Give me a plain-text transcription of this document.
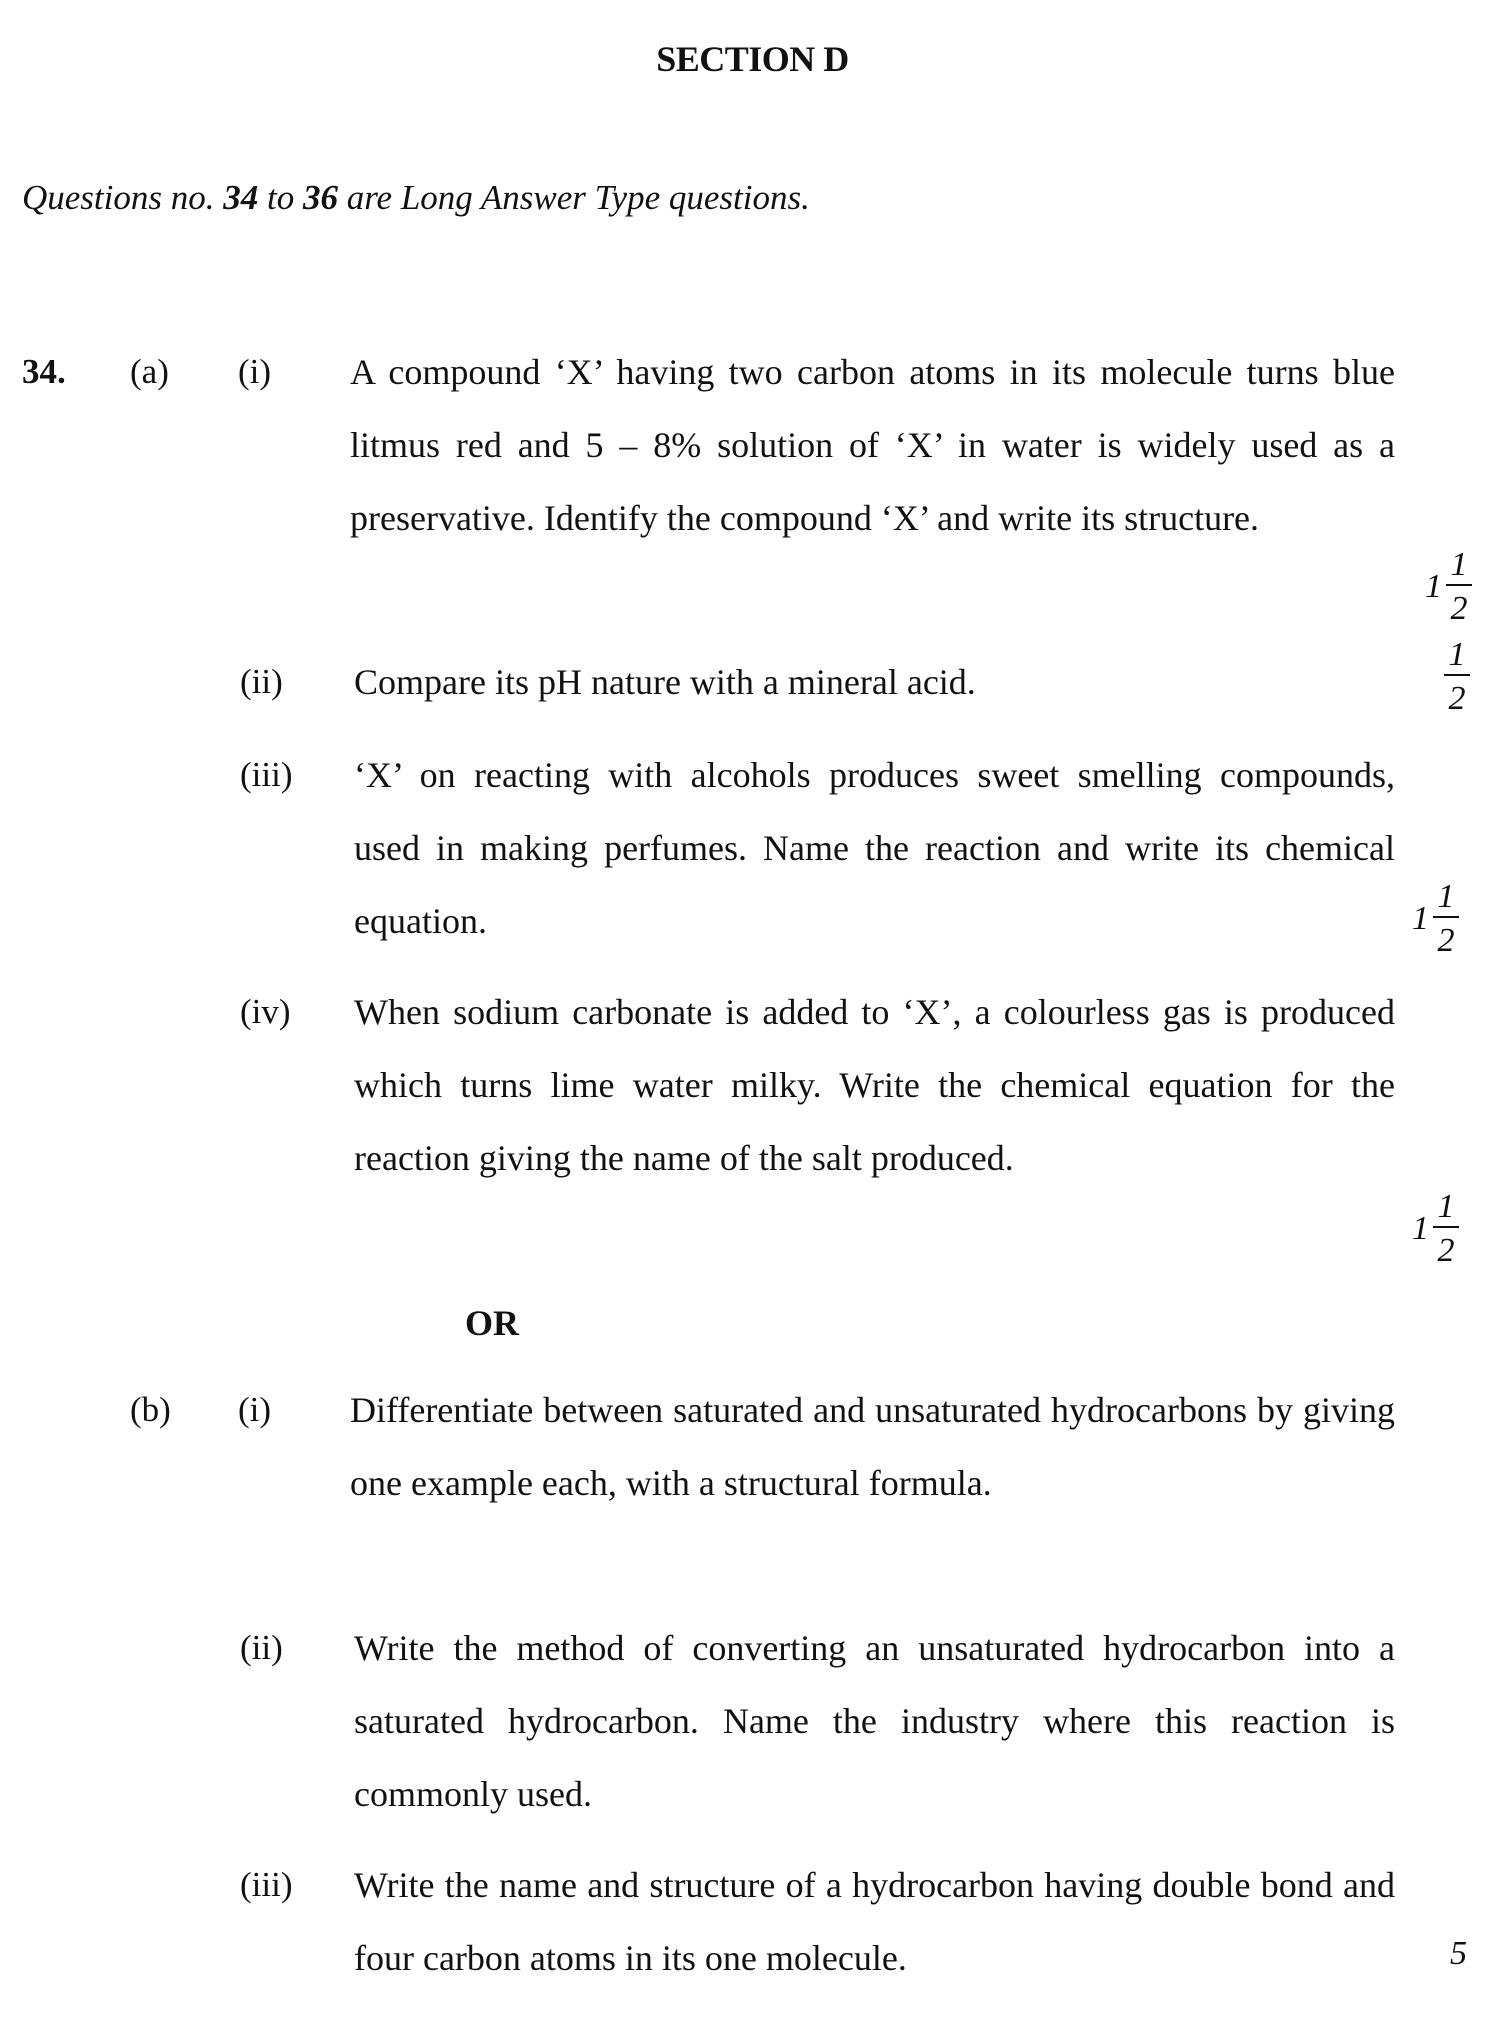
SECTION D
Questions no. 34 to 36 are Long Answer Type questions.
34. (a) (i) A compound ‘X’ having two carbon atoms in its molecule turns blue litmus red and 5 – 8% solution of ‘X’ in water is widely used as a preservative. Identify the compound ‘X’ and write its structure.
$1 \frac{1}{2}$
(ii) Compare its pH nature with a mineral acid.	$\frac{1}{2}$
(iii) ‘X’ on reacting with alcohols produces sweet smelling compounds, used in making perfumes. Name the reaction and write its chemical equation.	$1 \frac{1}{2}$
(iv) When sodium carbonate is added to ‘X’, a colourless gas is produced which turns lime water milky. Write the chemical equation for the reaction giving the name of the salt produced.
$1 \frac{1}{2}$
OR
(b) (i) Differentiate between saturated and unsaturated hydrocarbons by giving one example each, with a structural formula.
(ii) Write the method of converting an unsaturated hydrocarbon into a saturated hydrocarbon. Name the industry where this reaction is commonly used.
(iii) Write the name and structure of a hydrocarbon having double bond and four carbon atoms in its one molecule.	5
